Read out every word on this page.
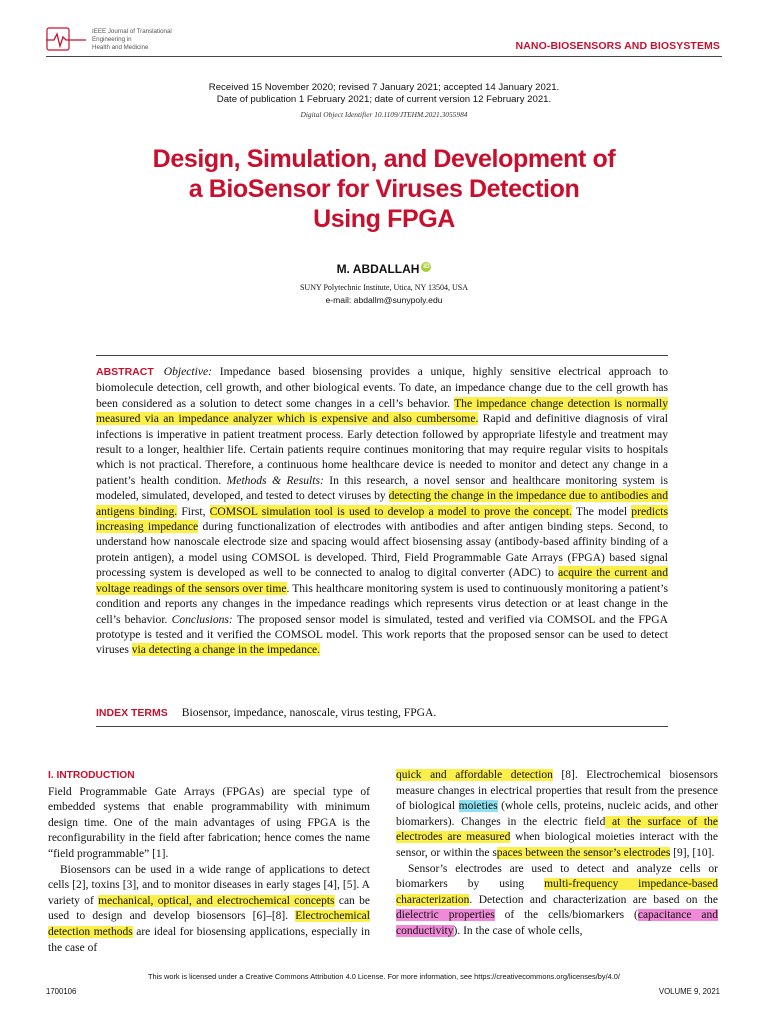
IEEE Journal of Translational
Engineering in
Health and Medicine	NANO-BIOSENSORS AND BIOSYSTEMS
Received 15 November 2020; revised 7 January 2021; accepted 14 January 2021.
Date of publication 1 February 2021; date of current version 12 February 2021.
Digital Object Identifier 10.1109/JTEHM.2021.3055984
Design, Simulation, and Development of
a BioSensor for Viruses Detection
Using FPGA
M. ABDALLAH iD
SUNY Polytechnic Institute, Utica, NY 13504, USA
e-mail: abdallm@sunypoly.edu
ABSTRACT Objective: Impedance based biosensing provides a unique, highly sensitive electrical approach to biomolecule detection, cell growth, and other biological events. To date, an impedance change due to the cell growth has been considered as a solution to detect some changes in a cell’s behavior. The impedance change detection is normally measured via an impedance analyzer which is expensive and also cumbersome. Rapid and definitive diagnosis of viral infections is imperative in patient treatment process. Early detection followed by appropriate lifestyle and treatment may result to a longer, healthier life. Certain patients require continues monitoring that may require regular visits to hospitals which is not practical. Therefore, a continuous home healthcare device is needed to monitor and detect any change in a patient’s health condition. Methods & Results: In this research, a novel sensor and healthcare monitoring system is modeled, simulated, developed, and tested to detect viruses by detecting the change in the impedance due to antibodies and antigens binding. First, COMSOL simulation tool is used to develop a model to prove the concept. The model predicts increasing impedance during functionalization of electrodes with antibodies and after antigen binding steps. Second, to understand how nanoscale electrode size and spacing would affect biosensing assay (antibody-based affinity binding of a protein antigen), a model using COMSOL is developed. Third, Field Programmable Gate Arrays (FPGA) based signal processing system is developed as well to be connected to analog to digital converter (ADC) to acquire the current and voltage readings of the sensors over time. This healthcare monitoring system is used to continuously monitoring a patient’s condition and reports any changes in the impedance readings which represents virus detection or at least change in the cell’s behavior. Conclusions: The proposed sensor model is simulated, tested and verified via COMSOL and the FPGA prototype is tested and it verified the COMSOL model. This work reports that the proposed sensor can be used to detect viruses via detecting a change in the impedance.
INDEX TERMS Biosensor, impedance, nanoscale, virus testing, FPGA.
I. INTRODUCTION

Field Programmable Gate Arrays (FPGAs) are special type of embedded systems that enable programmability with minimum design time. One of the main advantages of using FPGA is the reconfigurability in the field after fabrication; hence comes the name “field programmable” [1].

Biosensors can be used in a wide range of applications to detect cells [2], toxins [3], and to monitor diseases in early stages [4], [5]. A variety of mechanical, optical, and electrochemical concepts can be used to design and develop biosensors [6]–[8]. Electrochemical detection methods are ideal for biosensing applications, especially in the case of

quick and affordable detection [8]. Electrochemical biosensors measure changes in electrical properties that result from the presence of biological moieties (whole cells, proteins, nucleic acids, and other biomarkers). Changes in the electric field at the surface of the electrodes are measured when biological moieties interact with the sensor, or within the spaces between the sensor’s electrodes [9], [10].

Sensor’s electrodes are used to detect and analyze cells or biomarkers by using multi-frequency impedance-based characterization. Detection and characterization are based on the dielectric properties of the cells/biomarkers (capacitance and conductivity). In the case of whole cells,

This work is licensed under a Creative Commons Attribution 4.0 License. For more information, see https://creativecommons.org/licenses/by/4.0/
1700106	VOLUME 9, 2021
